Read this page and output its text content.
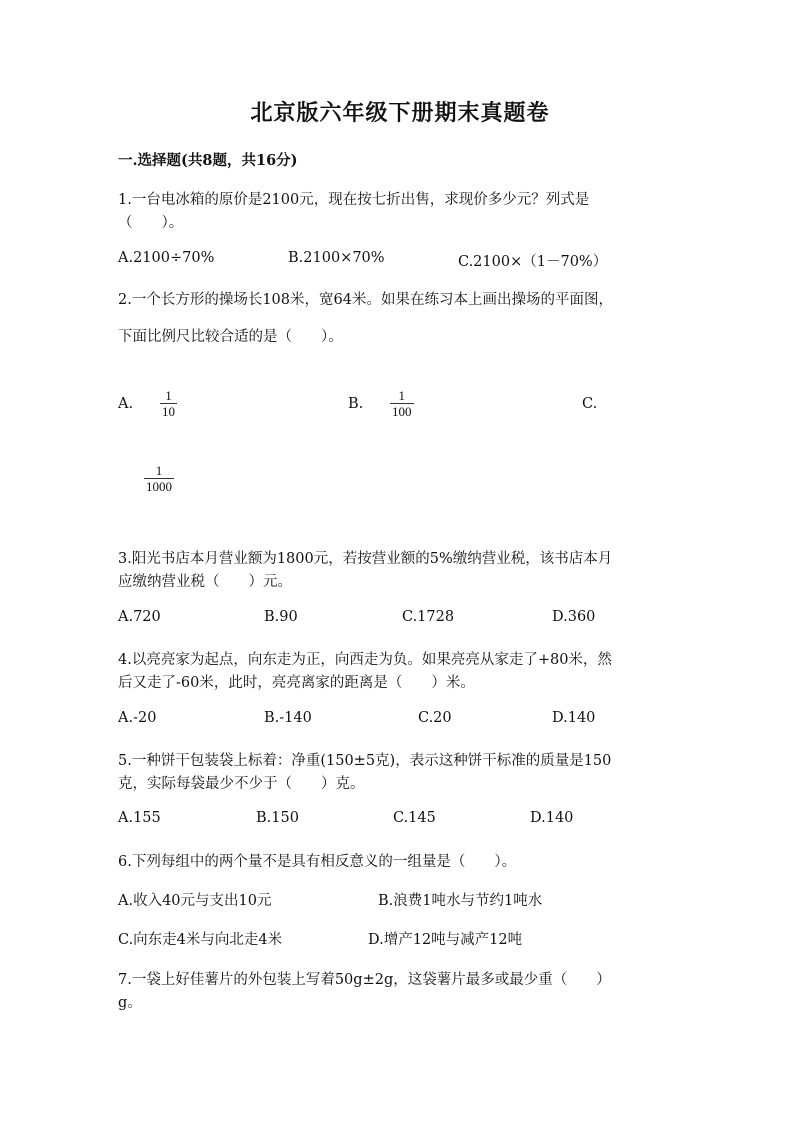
北京版六年级下册期末真题卷
一.选择题(共8题，共16分)
1.一台电冰箱的原价是2100元，现在按七折出售，求现价多少元？列式是
（　　）。
A.2100÷70%	B.2100×70%	C.2100×（1－70%）
2.一个长方形的操场长108米，宽64米。如果在练习本上画出操场的平面图，
下面比例尺比较合适的是（　　）。
A.
1
10	B.
1
100	C.
1
1000
3.阳光书店本月营业额为1800元，若按营业额的5%缴纳营业税，该书店本月
应缴纳营业税（　　）元。
A.720	B.90	C.1728	D.360
4.以亮亮家为起点，向东走为正，向西走为负。如果亮亮从家走了+80米，然
后又走了-60米，此时，亮亮离家的距离是（　　）米。
A.-20	B.-140	C.20	D.140
5.一种饼干包装袋上标着：净重(150±5克)，表示这种饼干标准的质量是150
克，实际每袋最少不少于（　　）克。
A.155	B.150	C.145	D.140
6.下列每组中的两个量不是具有相反意义的一组量是（　　）。
A.收入40元与支出10元	B.浪费1吨水与节约1吨水
C.向东走4米与向北走4米	D.增产12吨与减产12吨
7.一袋上好佳薯片的外包装上写着50g±2g，这袋薯片最多或最少重（　　）
g。
